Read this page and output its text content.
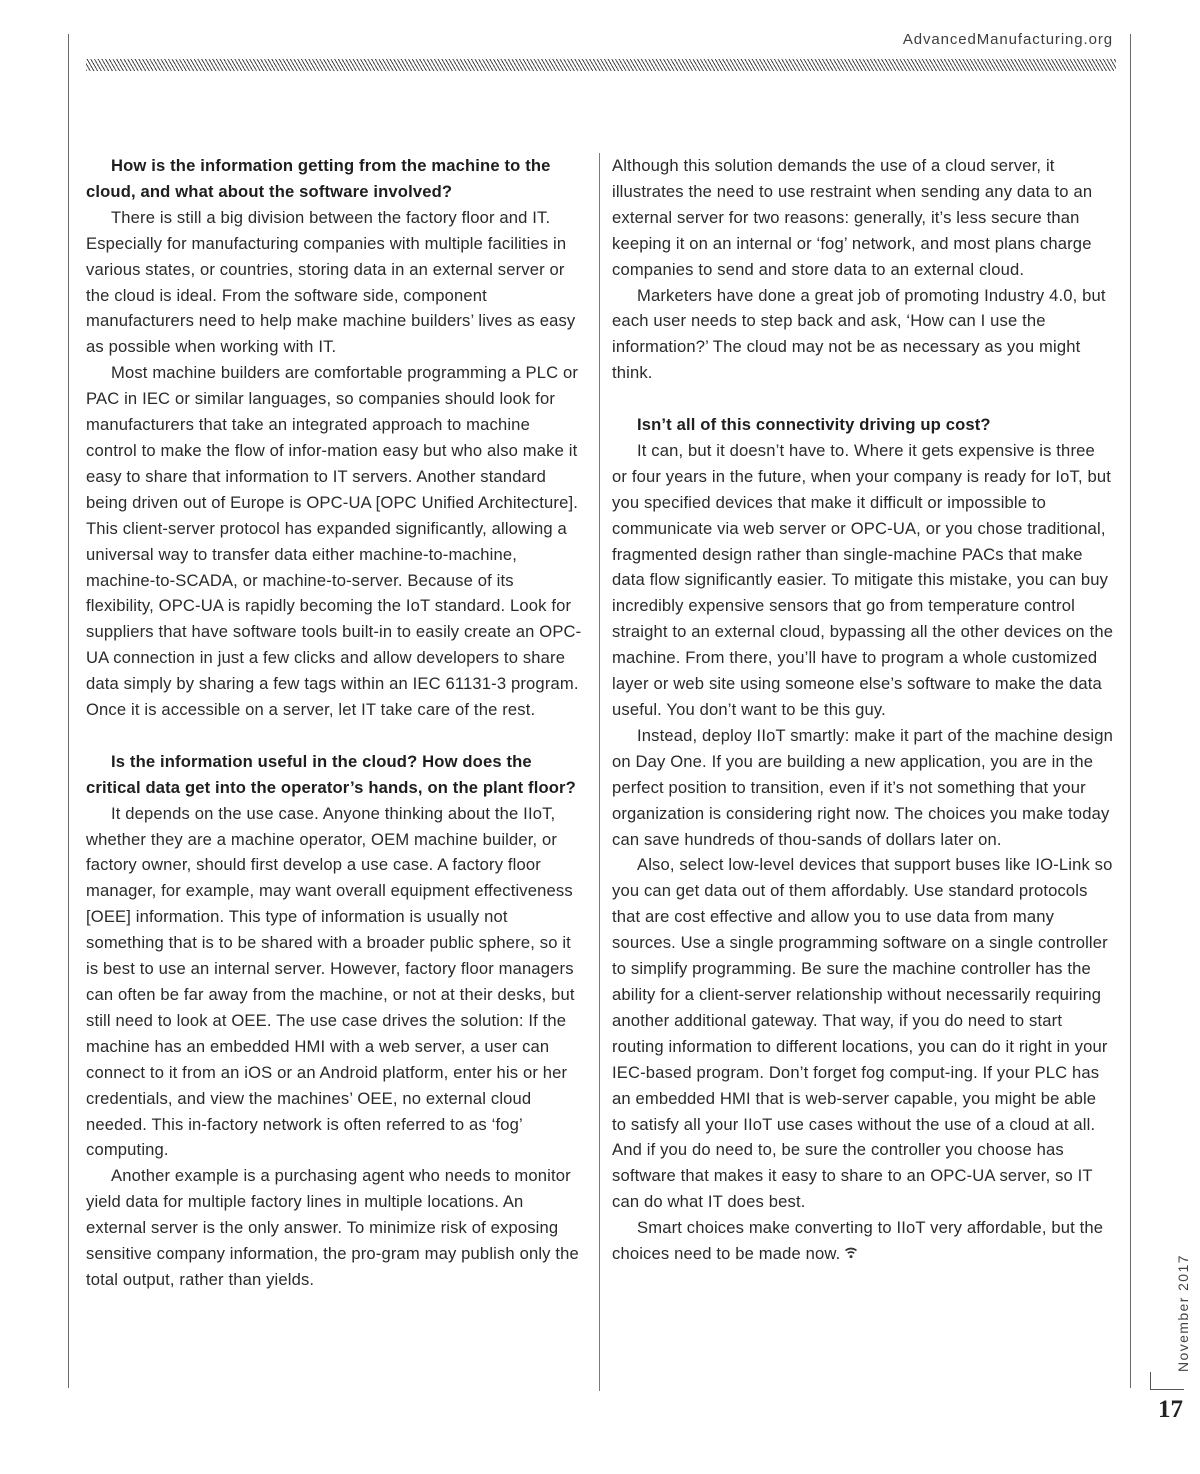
AdvancedManufacturing.org

How is the information getting from the machine to the cloud, and what about the software involved?

There is still a big division between the factory floor and IT. Especially for manufacturing companies with multiple facilities in various states, or countries, storing data in an external server or the cloud is ideal. From the software side, component manufacturers need to help make machine builders’ lives as easy as possible when working with IT.

Most machine builders are comfortable programming a PLC or PAC in IEC or similar languages, so companies should look for manufacturers that take an integrated approach to machine control to make the flow of infor-mation easy but who also make it easy to share that information to IT servers. Another standard being driven out of Europe is OPC-UA [OPC Unified Architecture]. This client-server protocol has expanded significantly, allowing a universal way to transfer data either machine-to-machine, machine-to-SCADA, or machine-to-server. Because of its flexibility, OPC-UA is rapidly becoming the IoT standard. Look for suppliers that have software tools built-in to easily create an OPC-UA connection in just a few clicks and allow developers to share data simply by sharing a few tags within an IEC 61131-3 program. Once it is accessible on a server, let IT take care of the rest.

Is the information useful in the cloud? How does the critical data get into the operator’s hands, on the plant floor?

It depends on the use case. Anyone thinking about the IIoT, whether they are a machine operator, OEM machine builder, or factory owner, should first develop a use case. A factory floor manager, for example, may want overall equipment effectiveness [OEE] information. This type of information is usually not something that is to be shared with a broader public sphere, so it is best to use an internal server. However, factory floor managers can often be far away from the machine, or not at their desks, but still need to look at OEE. The use case drives the solution: If the machine has an embedded HMI with a web server, a user can connect to it from an iOS or an Android platform, enter his or her credentials, and view the machines’ OEE, no external cloud needed. This in-factory network is often referred to as ‘fog’ computing.

Another example is a purchasing agent who needs to monitor yield data for multiple factory lines in multiple locations. An external server is the only answer. To minimize risk of exposing sensitive company information, the pro-gram may publish only the total output, rather than yields.

Although this solution demands the use of a cloud server, it illustrates the need to use restraint when sending any data to an external server for two reasons: generally, it’s less secure than keeping it on an internal or ‘fog’ network, and most plans charge companies to send and store data to an external cloud.

Marketers have done a great job of promoting Industry 4.0, but each user needs to step back and ask, ‘How can I use the information?’ The cloud may not be as necessary as you might think.

Isn’t all of this connectivity driving up cost?

It can, but it doesn’t have to. Where it gets expensive is three or four years in the future, when your company is ready for IoT, but you specified devices that make it difficult or impossible to communicate via web server or OPC-UA, or you chose traditional, fragmented design rather than single-machine PACs that make data flow significantly easier. To mitigate this mistake, you can buy incredibly expensive sensors that go from temperature control straight to an external cloud, bypassing all the other devices on the machine. From there, you’ll have to program a whole customized layer or web site using someone else’s software to make the data useful. You don’t want to be this guy.

Instead, deploy IIoT smartly: make it part of the machine design on Day One. If you are building a new application, you are in the perfect position to transition, even if it’s not something that your organization is considering right now. The choices you make today can save hundreds of thou-sands of dollars later on.

Also, select low-level devices that support buses like IO-Link so you can get data out of them affordably. Use standard protocols that are cost effective and allow you to use data from many sources. Use a single programming software on a single controller to simplify programming. Be sure the machine controller has the ability for a client-server relationship without necessarily requiring another additional gateway. That way, if you do need to start routing information to different locations, you can do it right in your IEC-based program. Don’t forget fog comput-ing. If your PLC has an embedded HMI that is web-server capable, you might be able to satisfy all your IIoT use cases without the use of a cloud at all. And if you do need to, be sure the controller you choose has software that makes it easy to share to an OPC-UA server, so IT can do what IT does best.

Smart choices make converting to IIoT very affordable, but the choices need to be made now.

November 2017
17
